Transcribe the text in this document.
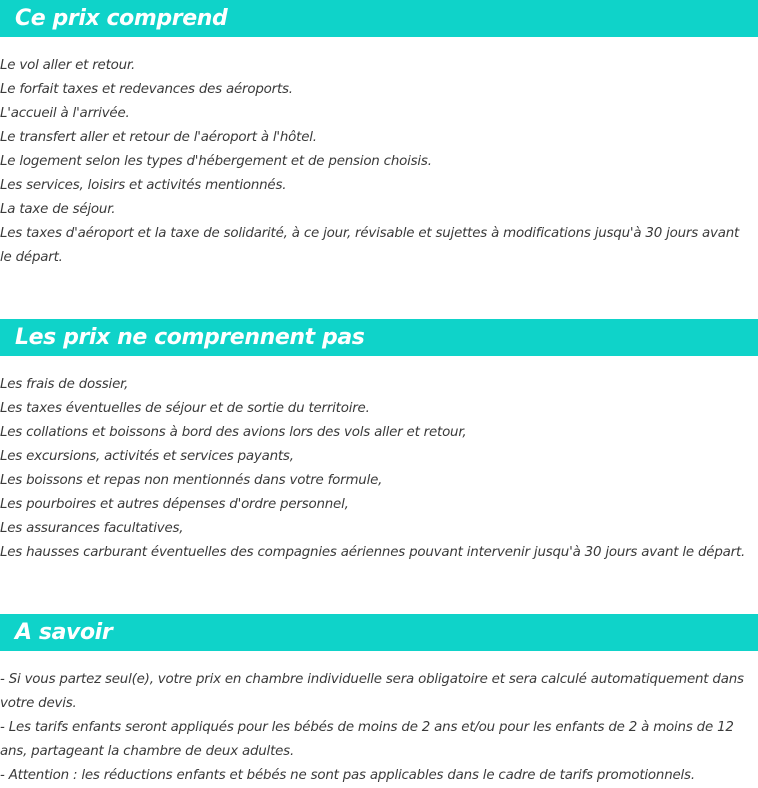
Ce prix comprend
Le vol aller et retour.
Le forfait taxes et redevances des aéroports.
L'accueil à l'arrivée.
Le transfert aller et retour de l'aéroport à l'hôtel.
Le logement selon les types d'hébergement et de pension choisis.
Les services, loisirs et activités mentionnés.
La taxe de séjour.
Les taxes d'aéroport et la taxe de solidarité, à ce jour, révisable et sujettes à modifications jusqu'à 30 jours avant le départ.
Les prix ne comprennent pas
Les frais de dossier,
Les taxes éventuelles de séjour et de sortie du territoire.
Les collations et boissons à bord des avions lors des vols aller et retour,
Les excursions, activités et services payants,
Les boissons et repas non mentionnés dans votre formule,
Les pourboires et autres dépenses d'ordre personnel,
Les assurances facultatives,
Les hausses carburant éventuelles des compagnies aériennes pouvant intervenir jusqu'à 30 jours avant le départ.
A savoir
- Si vous partez seul(e), votre prix en chambre individuelle sera obligatoire et sera calculé automatiquement dans votre devis.
- Les tarifs enfants seront appliqués pour les bébés de moins de 2 ans et/ou pour les enfants de 2 à moins de 12 ans, partageant la chambre de deux adultes.
- Attention : les réductions enfants et bébés ne sont pas applicables dans le cadre de tarifs promotionnels.
